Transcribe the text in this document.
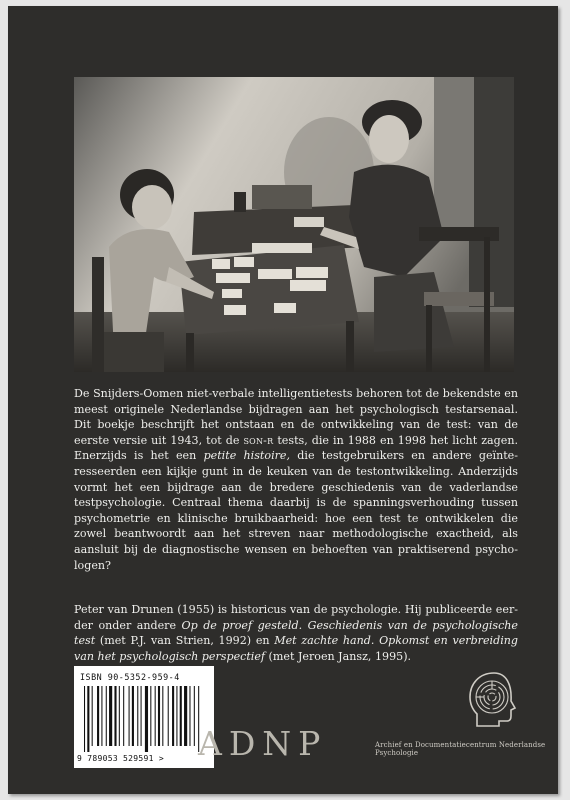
De Snijders-Oomen niet-verbale intelligentietests behoren tot de bekendste en meest originele Nederlandse bijdragen aan het psychologisch testarsenaal. Dit boekje beschrijft het ontstaan en de ontwikkeling van de test: van de eerste versie uit 1943, tot de son-r tests, die in 1988 en 1998 het licht zagen. Enerzijds is het een petite histoire, die testgebruikers en andere geïnteresseerden een kijkje gunt in de keuken van de testontwikkeling. Anderzijds vormt het een bijdrage aan de bredere geschiedenis van de vaderlandse testpsychologie. Centraal thema daarbij is de spanningsverhouding tussen psychometrie en klinische bruikbaarheid: hoe een test te ontwikkelen die zowel beantwoordt aan het streven naar methodologische exactheid, als aansluit bij de diagnostische wensen en behoeften van praktiserend psychologen?

Peter van Drunen (1955) is historicus van de psychologie. Hij publiceerde eerder onder andere Op de proef gesteld. Geschiedenis van de psychologische test (met P.J. van Strien, 1992) en Met zachte hand. Opkomst en verbreiding van het psychologisch perspectief (met Jeroen Jansz, 1995).

ISBN 90-5352-959-4
9 789053 529591 > ADNP	Archief en Documentatiecentrum Nederlandse Psychologie
